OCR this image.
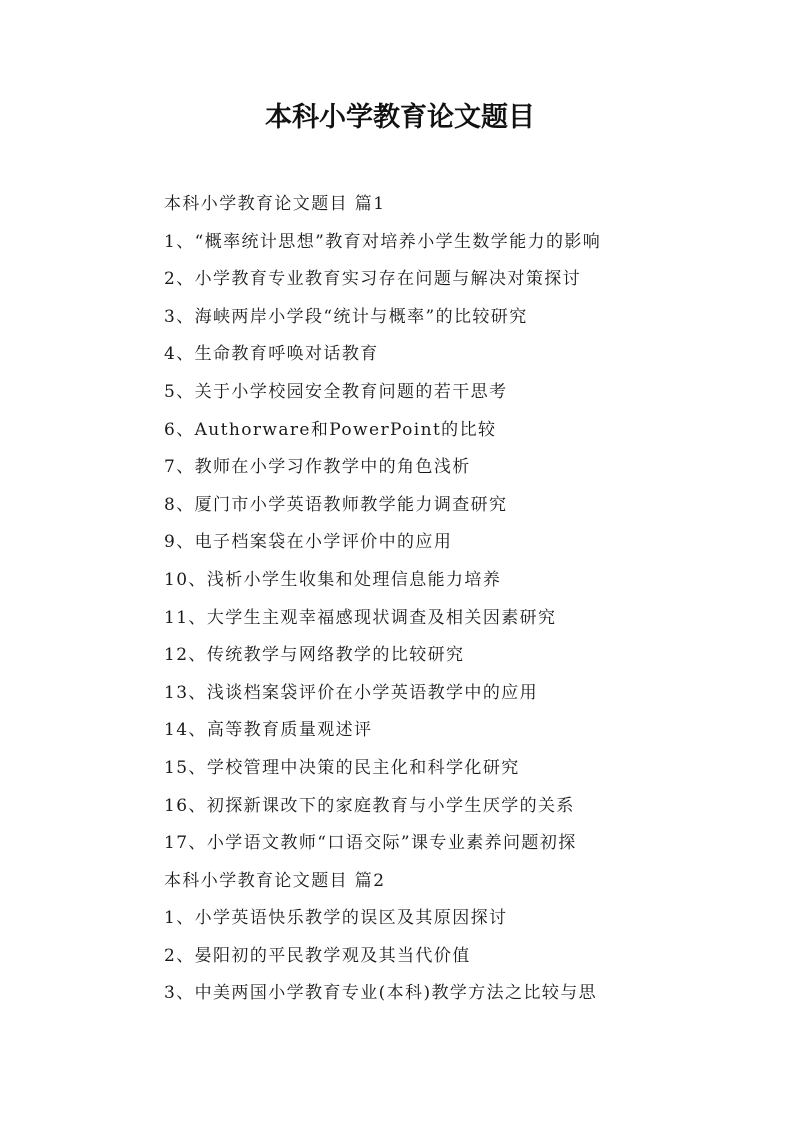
本科小学教育论文题目
本科小学教育论文题目 篇1
1、“概率统计思想”教育对培养小学生数学能力的影响
2、小学教育专业教育实习存在问题与解决对策探讨
3、海峡两岸小学段“统计与概率”的比较研究
4、生命教育呼唤对话教育
5、关于小学校园安全教育问题的若干思考
6、Authorware和PowerPoint的比较
7、教师在小学习作教学中的角色浅析
8、厦门市小学英语教师教学能力调查研究
9、电子档案袋在小学评价中的应用
10、浅析小学生收集和处理信息能力培养
11、大学生主观幸福感现状调查及相关因素研究
12、传统教学与网络教学的比较研究
13、浅谈档案袋评价在小学英语教学中的应用
14、高等教育质量观述评
15、学校管理中决策的民主化和科学化研究
16、初探新课改下的家庭教育与小学生厌学的关系
17、小学语文教师“口语交际”课专业素养问题初探
本科小学教育论文题目 篇2
1、小学英语快乐教学的误区及其原因探讨
2、晏阳初的平民教学观及其当代价值
3、中美两国小学教育专业(本科)教学方法之比较与思
